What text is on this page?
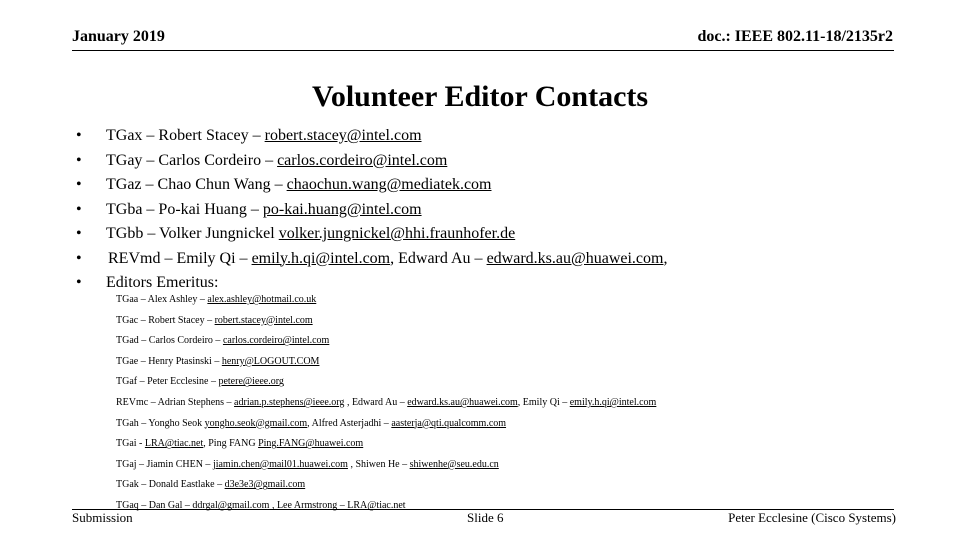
January 2019	doc.: IEEE 802.11-18/2135r2
Volunteer Editor Contacts
• TGax – Robert Stacey – robert.stacey@intel.com
• TGay – Carlos Cordeiro – carlos.cordeiro@intel.com
• TGaz – Chao Chun Wang – chaochun.wang@mediatek.com
• TGba – Po-kai Huang – po-kai.huang@intel.com
• TGbb – Volker Jungnickel volker.jungnickel@hhi.fraunhofer.de
• REVmd – Emily Qi – emily.h.qi@intel.com, Edward Au – edward.ks.au@huawei.com,
• Editors Emeritus:
TGaa – Alex Ashley – alex.ashley@hotmail.co.uk
TGac – Robert Stacey – robert.stacey@intel.com
TGad – Carlos Cordeiro – carlos.cordeiro@intel.com
TGae – Henry Ptasinski – henry@LOGOUT.COM
TGaf – Peter Ecclesine – petere@ieee.org
REVmc – Adrian Stephens – adrian.p.stephens@ieee.org , Edward Au – edward.ks.au@huawei.com, Emily Qi – emily.h.qi@intel.com
TGah – Yongho Seok yongho.seok@gmail.com, Alfred Asterjadhi – aasterja@qti.qualcomm.com
TGai - LRA@tiac.net, Ping FANG Ping.FANG@huawei.com
TGaj – Jiamin CHEN – jiamin.chen@mail01.huawei.com , Shiwen He – shiwenhe@seu.edu.cn
TGak – Donald Eastlake – d3e3e3@gmail.com
TGaq – Dan Gal – ddrgal@gmail.com , Lee Armstrong – LRA@tiac.net
Submission	Slide 6	Peter Ecclesine (Cisco Systems)
